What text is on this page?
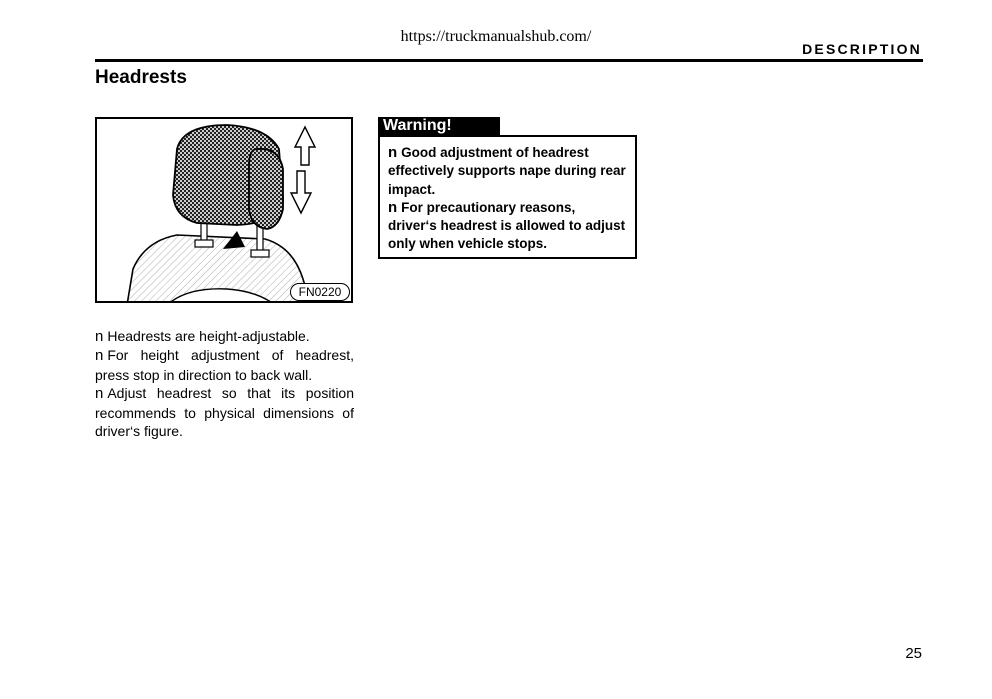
https://truckmanualshub.com/
DESCRIPTION
Headrests
FN0220

n Headrests are height-adjustable.

n For height adjustment of headrest, press stop in direction to back wall.

n Adjust headrest so that its position recommends to physical dimensions of driver‘s figure.

Warning!

n Good adjustment of headrest effectively supports nape during rear impact.

n For precautionary reasons, driver‘s headrest is allowed to adjust only when vehicle stops.

25
